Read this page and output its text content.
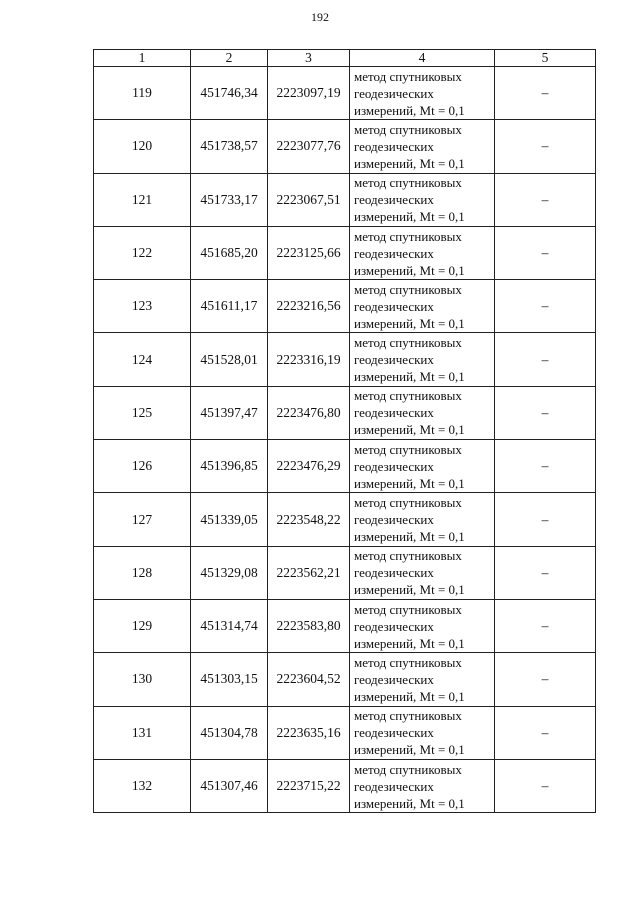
192
1	2	3	4	5
119	451746,34	2223097,19	метод спутниковых
геодезических
измерений, Mt = 0,1	–
120	451738,57	2223077,76	метод спутниковых
геодезических
измерений, Mt = 0,1	–
121	451733,17	2223067,51	метод спутниковых
геодезических
измерений, Mt = 0,1	–
122	451685,20	2223125,66	метод спутниковых
геодезических
измерений, Mt = 0,1	–
123	451611,17	2223216,56	метод спутниковых
геодезических
измерений, Mt = 0,1	–
124	451528,01	2223316,19	метод спутниковых
геодезических
измерений, Mt = 0,1	–
125	451397,47	2223476,80	метод спутниковых
геодезических
измерений, Mt = 0,1	–
126	451396,85	2223476,29	метод спутниковых
геодезических
измерений, Mt = 0,1	–
127	451339,05	2223548,22	метод спутниковых
геодезических
измерений, Mt = 0,1	–
128	451329,08	2223562,21	метод спутниковых
геодезических
измерений, Mt = 0,1	–
129	451314,74	2223583,80	метод спутниковых
геодезических
измерений, Mt = 0,1	–
130	451303,15	2223604,52	метод спутниковых
геодезических
измерений, Mt = 0,1	–
131	451304,78	2223635,16	метод спутниковых
геодезических
измерений, Mt = 0,1	–
132	451307,46	2223715,22	метод спутниковых
геодезических
измерений, Mt = 0,1	–
